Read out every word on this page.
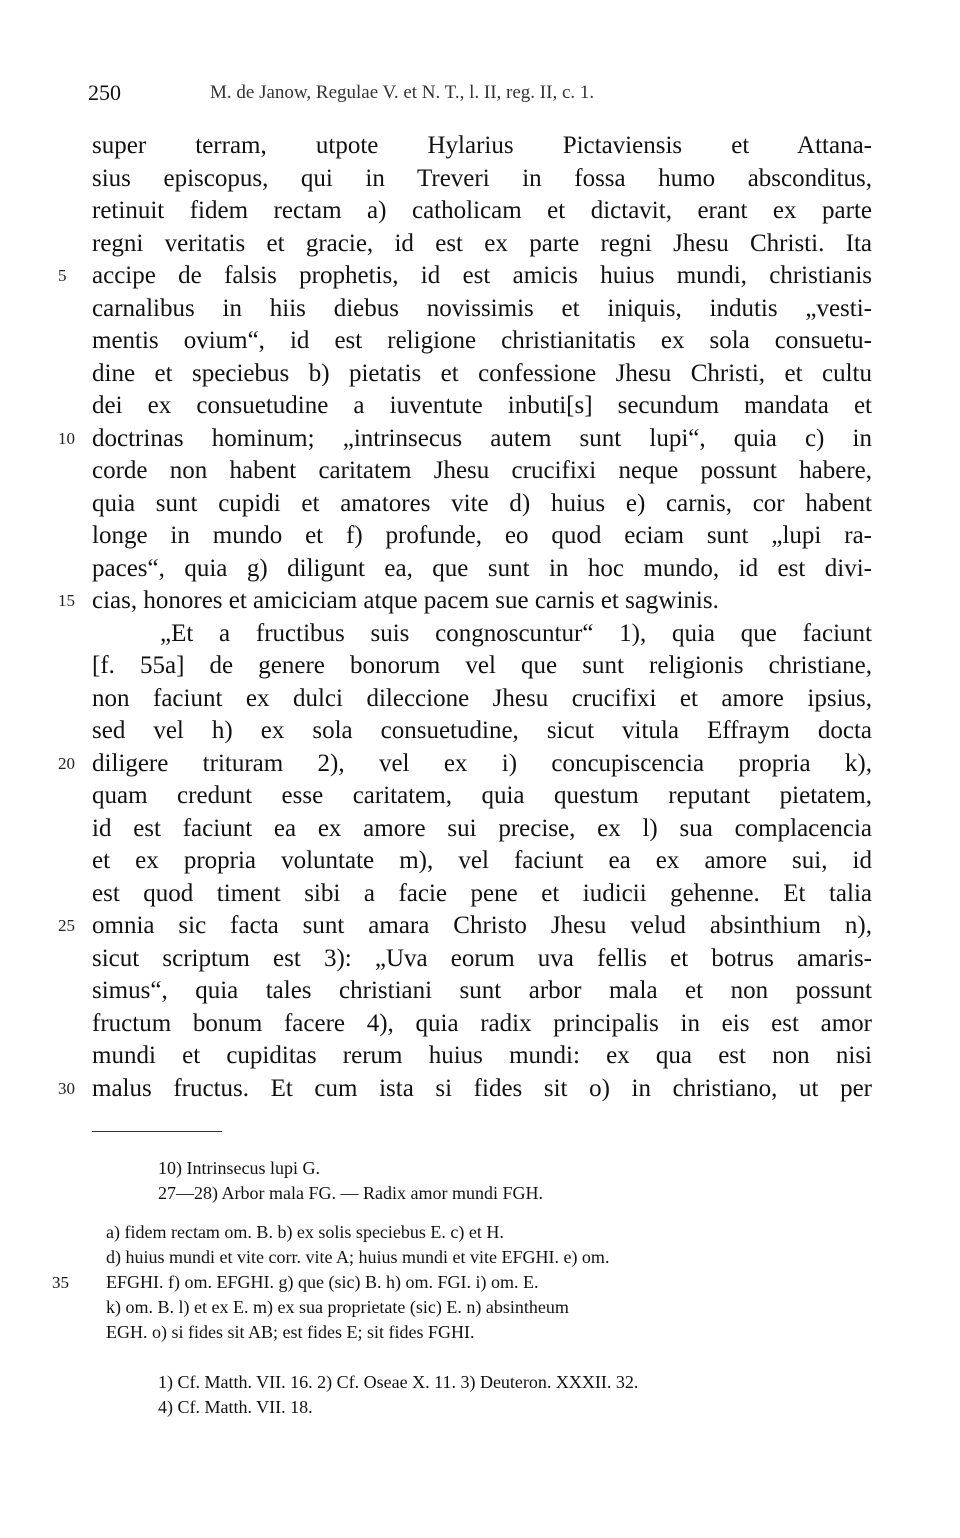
250	M. de Janow, Regulae V. et N. T., l. II, reg. II, c. 1.
super terram, utpote Hylarius Pictaviensis et Attana-
sius episcopus, qui in Treveri in fossa humo absconditus,
retinuit fidem rectam a) catholicam et dictavit, erant ex parte
regni veritatis et gracie, id est ex parte regni Jhesu Christi. Ita
5 accipe de falsis prophetis, id est amicis huius mundi, christianis
carnalibus in hiis diebus novissimis et iniquis, indutis „vesti-
mentis ovium“, id est religione christianitatis ex sola consuetu-
dine et speciebus b) pietatis et confessione Jhesu Christi, et cultu
dei ex consuetudine a iuventute inbuti[s] secundum mandata et
10 doctrinas hominum; „intrinsecus autem sunt lupi“, quia c) in
corde non habent caritatem Jhesu crucifixi neque possunt habere,
quia sunt cupidi et amatores vite d) huius e) carnis, cor habent
longe in mundo et f) profunde, eo quod eciam sunt „lupi ra-
paces“, quia g) diligunt ea, que sunt in hoc mundo, id est divi-
15 cias, honores et amiciciam atque pacem sue carnis et sagwinis.
„Et a fructibus suis congnoscuntur“ 1), quia que faciunt
[f. 55a] de genere bonorum vel que sunt religionis christiane,
non faciunt ex dulci dileccione Jhesu crucifixi et amore ipsius,
sed vel h) ex sola consuetudine, sicut vitula Effraym docta
20 diligere trituram 2), vel ex i) concupiscencia propria k),
quam credunt esse caritatem, quia questum reputant pietatem,
id est faciunt ea ex amore sui precise, ex l) sua complacencia
et ex propria voluntate m), vel faciunt ea ex amore sui, id
est quod timent sibi a facie pene et iudicii gehenne. Et talia
25 omnia sic facta sunt amara Christo Jhesu velud absinthium n),
sicut scriptum est 3): „Uva eorum uva fellis et botrus amaris-
simus“, quia tales christiani sunt arbor mala et non possunt
fructum bonum facere 4), quia radix principalis in eis est amor
mundi et cupiditas rerum huius mundi: ex qua est non nisi
30 malus fructus. Et cum ista si fides sit o) in christiano, ut per
10) Intrinsecus lupi G.
27—28) Arbor mala FG. — Radix amor mundi FGH.
a) fidem rectam om. B. b) ex solis speciebus E. c) et H.
d) huius mundi et vite corr. vite A; huius mundi et vite EFGHI. e) om.
35 EFGHI. f) om. EFGHI. g) que (sic) B. h) om. FGI. i) om. E.
k) om. B. l) et ex E. m) ex sua proprietate (sic) E. n) absintheum
EGH. o) si fides sit AB; est fides E; sit fides FGHI.
1) Cf. Matth. VII. 16. 2) Cf. Oseae X. 11. 3) Deuteron. XXXII. 32.
4) Cf. Matth. VII. 18.
